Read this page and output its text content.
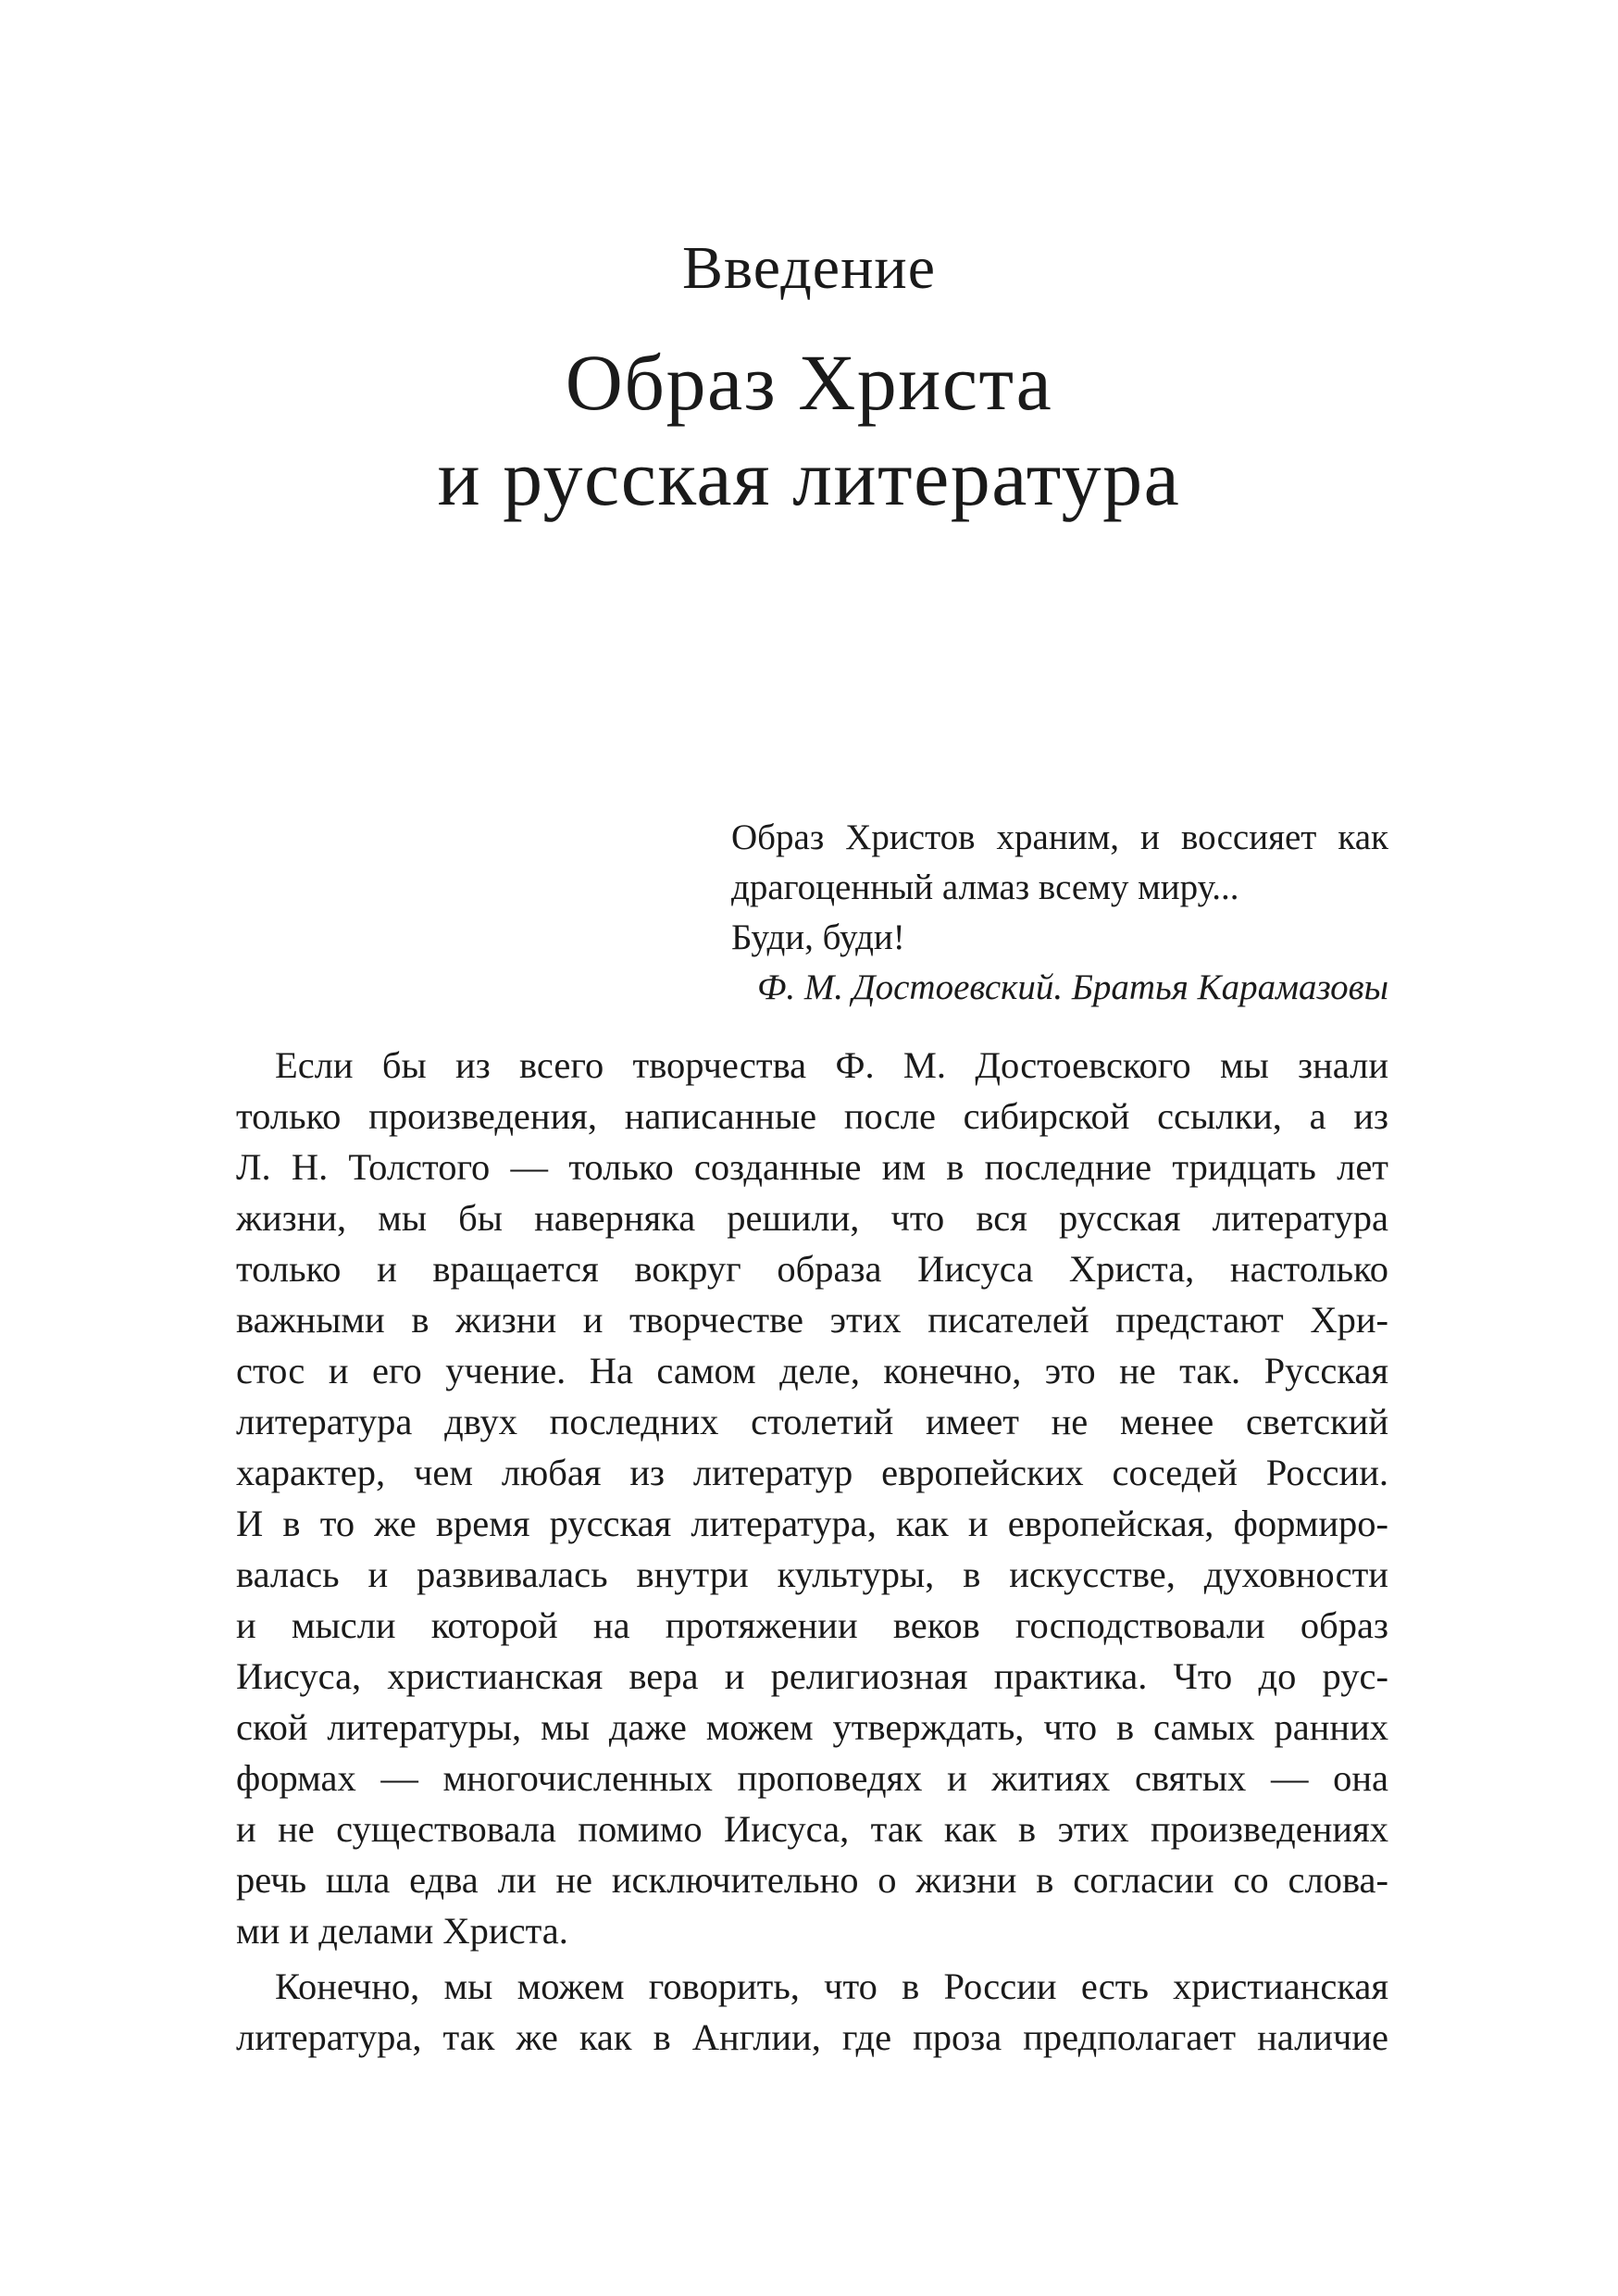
Введение
Образ Христа
и русская литература
Образ Христов храним, и воссияет как
драгоценный алмаз всему миру...
Буди, буди!
Ф. М. Достоевский. Братья Карамазовы
Если бы из всего творчества Ф. М. Достоевского мы знали
только произведения, написанные после сибирской ссылки, а из
Л. Н. Толстого — только созданные им в последние тридцать лет
жизни, мы бы наверняка решили, что вся русская литература
только и вращается вокруг образа Иисуса Христа, настолько
важными в жизни и творчестве этих писателей предстают Хри-
стос и его учение. На самом деле, конечно, это не так. Русская
литература двух последних столетий имеет не менее светский
характер, чем любая из литератур европейских соседей России.
И в то же время русская литература, как и европейская, формиро-
валась и развивалась внутри культуры, в искусстве, духовности
и мысли которой на протяжении веков господствовали образ
Иисуса, христианская вера и религиозная практика. Что до рус-
ской литературы, мы даже можем утверждать, что в самых ранних
формах — многочисленных проповедях и житиях святых — она
и не существовала помимо Иисуса, так как в этих произведениях
речь шла едва ли не исключительно о жизни в согласии со слова-
ми и делами Христа.
Конечно, мы можем говорить, что в России есть христианская
литература, так же как в Англии, где проза предполагает наличие
